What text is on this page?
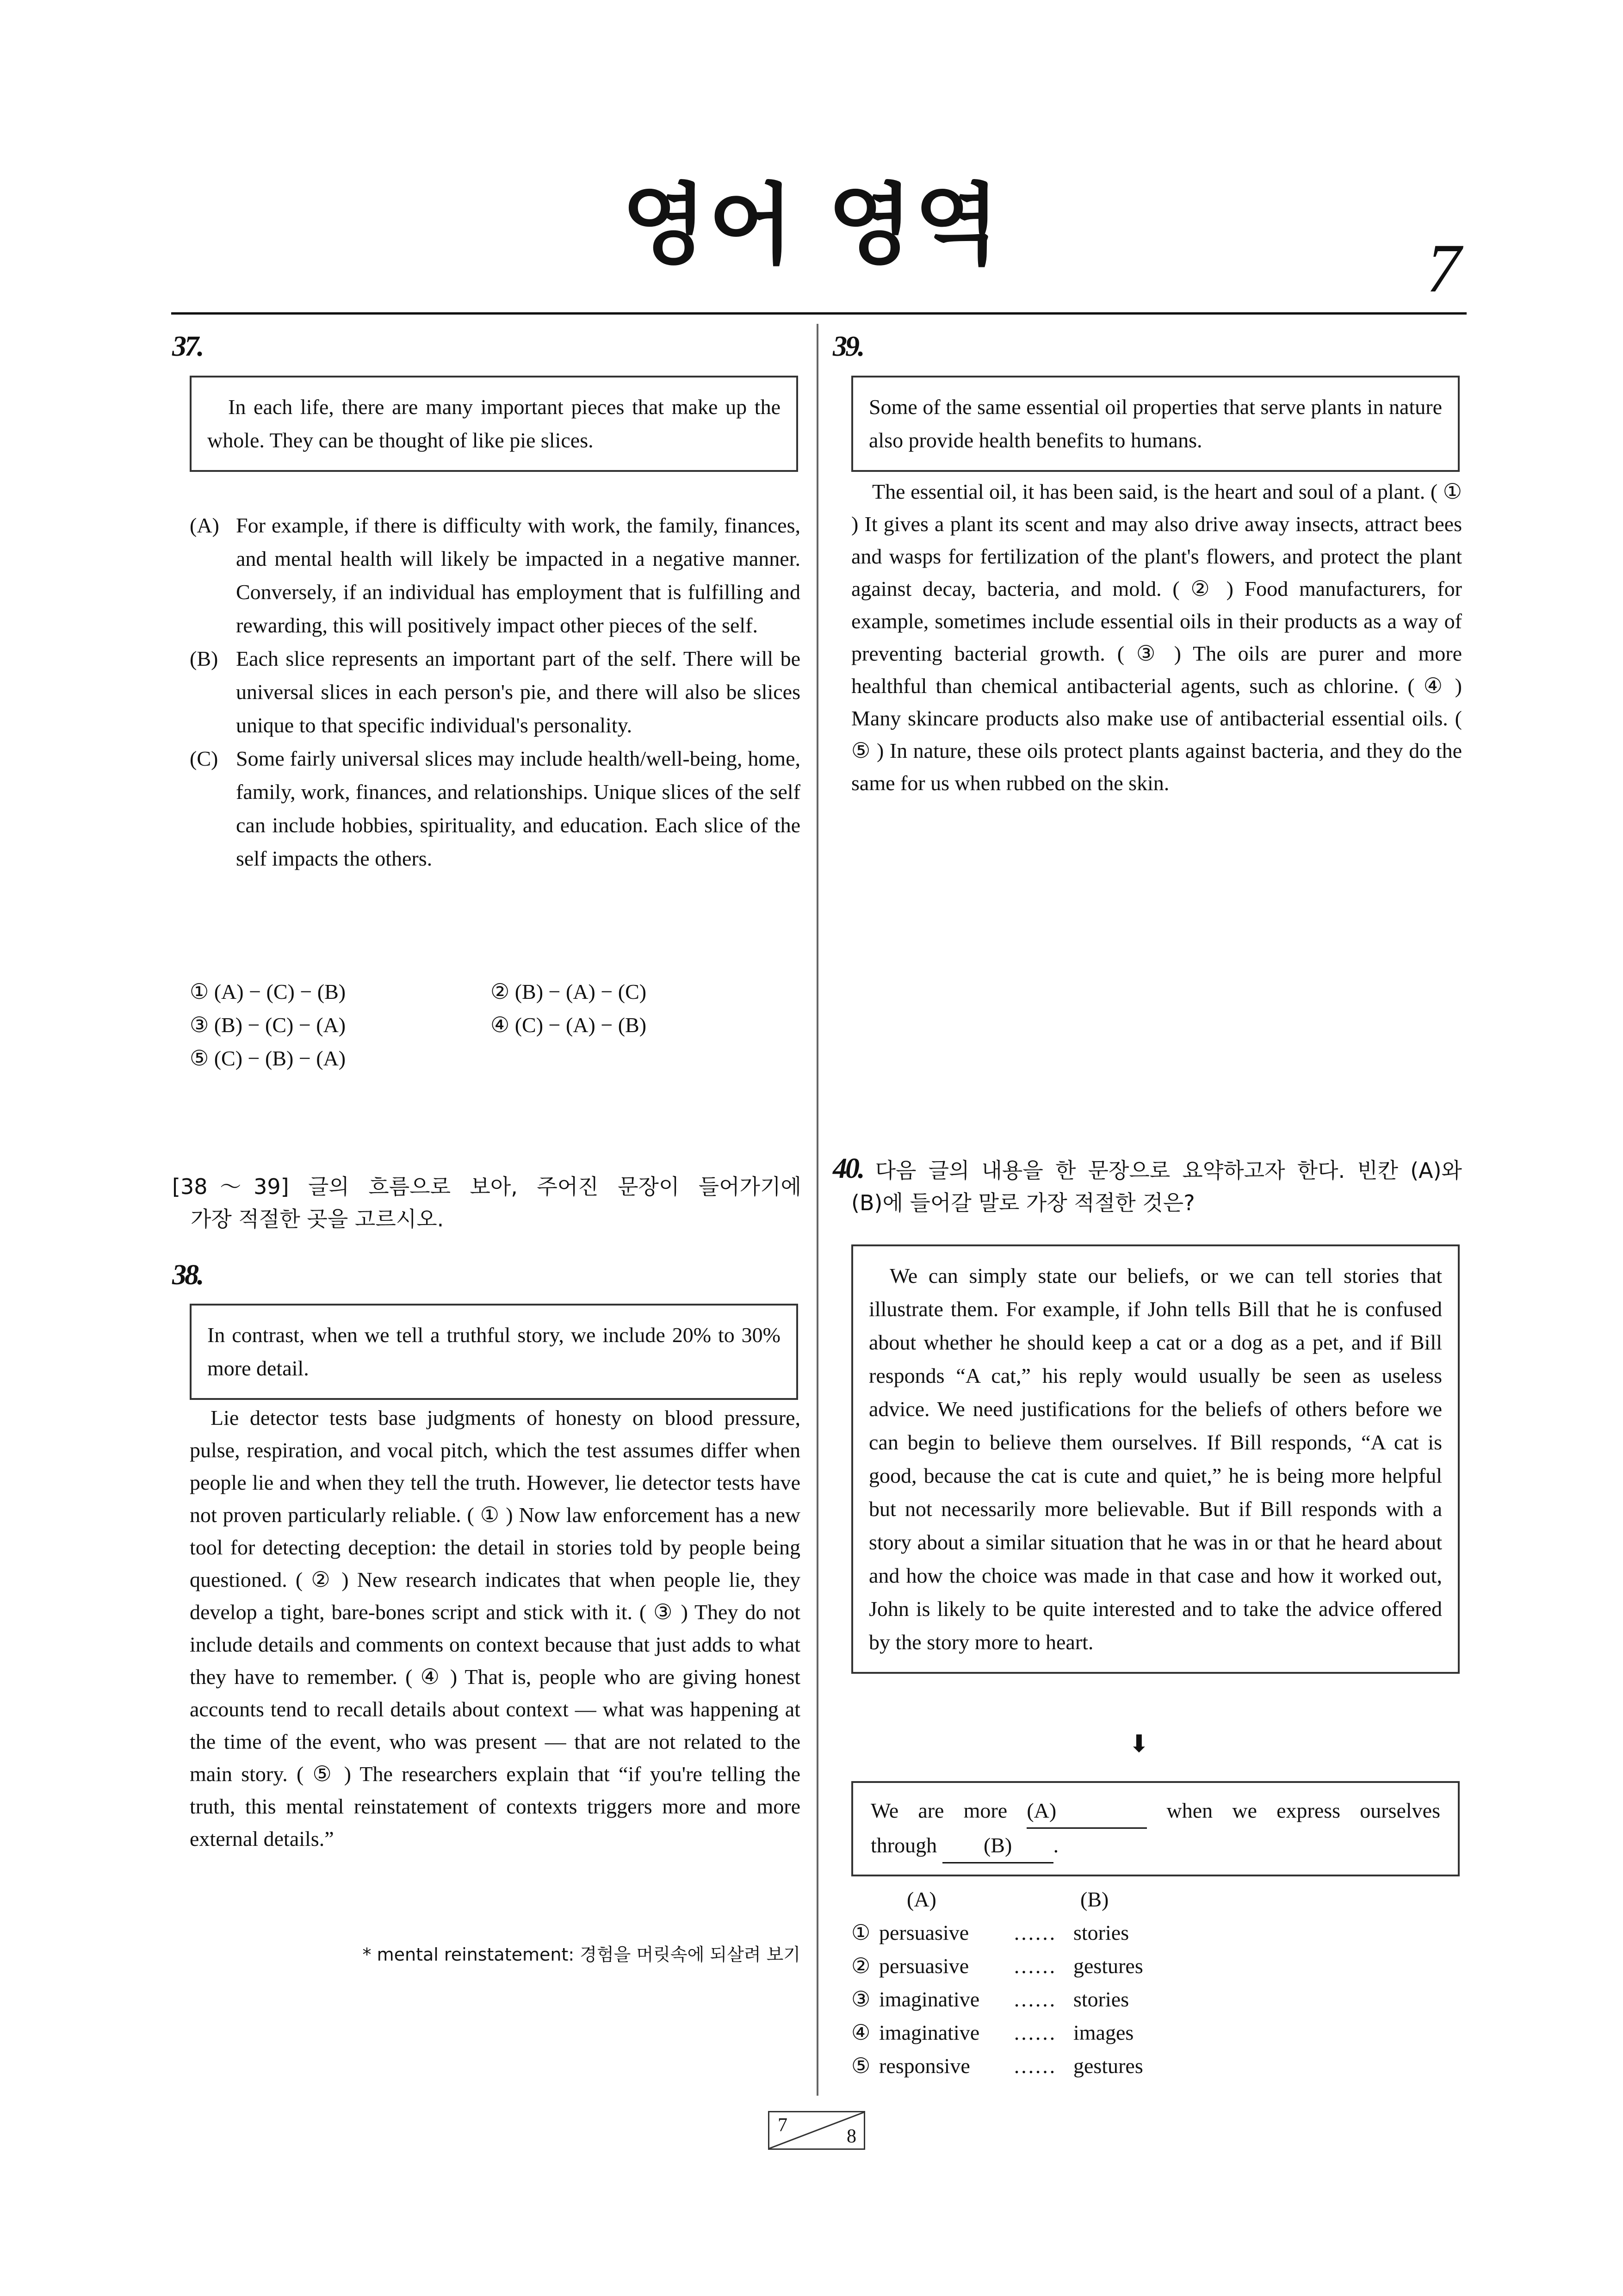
영어 영역	7
37.
In each life, there are many important pieces that make up the whole. They can be thought of like pie slices.
(A) For example, if there is difficulty with work, the family, finances, and mental health will likely be impacted in a negative manner. Conversely, if an individual has employment that is fulfilling and rewarding, this will positively impact other pieces of the self.
(B) Each slice represents an important part of the self. There will be universal slices in each person's pie, and there will also be slices unique to that specific individual's personality.
(C) Some fairly universal slices may include health/well-being, home, family, work, finances, and relationships. Unique slices of the self can include hobbies, spirituality, and education. Each slice of the self impacts the others.
① (A) − (C) − (B)	② (B) − (A) − (C)
③ (B) − (C) − (A)	④ (C) − (A) − (B)
⑤ (C) − (B) − (A)
[38～39] 글의 흐름으로 보아, 주어진 문장이 들어가기에
가장 적절한 곳을 고르시오.
38.
In contrast, when we tell a truthful story, we include 20% to 30% more detail.
Lie detector tests base judgments of honesty on blood pressure, pulse, respiration, and vocal pitch, which the test assumes differ when people lie and when they tell the truth. However, lie detector tests have not proven particularly reliable. ( ① ) Now law enforcement has a new tool for detecting deception: the detail in stories told by people being questioned. ( ② ) New research indicates that when people lie, they develop a tight, bare-bones script and stick with it. ( ③ ) They do not include details and comments on context because that just adds to what they have to remember. ( ④ ) That is, people who are giving honest accounts tend to recall details about context — what was happening at the time of the event, who was present — that are not related to the main story. ( ⑤ ) The researchers explain that “if you're telling the truth, this mental reinstatement of contexts triggers more and more external details.”
* mental reinstatement: 경험을 머릿속에 되살려 보기
39.
Some of the same essential oil properties that serve plants in nature also provide health benefits to humans.
The essential oil, it has been said, is the heart and soul of a plant. ( ① ) It gives a plant its scent and may also drive away insects, attract bees and wasps for fertilization of the plant's flowers, and protect the plant against decay, bacteria, and mold. ( ② ) Food manufacturers, for example, sometimes include essential oils in their products as a way of preventing bacterial growth. ( ③ ) The oils are purer and more healthful than chemical antibacterial agents, such as chlorine. ( ④ ) Many skincare products also make use of antibacterial essential oils. ( ⑤ ) In nature, these oils protect plants against bacteria, and they do the same for us when rubbed on the skin.
40. 다음 글의 내용을 한 문장으로 요약하고자 한다. 빈칸 (A)와
(B)에 들어갈 말로 가장 적절한 것은?
We can simply state our beliefs, or we can tell stories that illustrate them. For example, if John tells Bill that he is confused about whether he should keep a cat or a dog as a pet, and if Bill responds “A cat,” his reply would usually be seen as useless advice. We need justifications for the beliefs of others before we can begin to believe them ourselves. If Bill responds, “A cat is good, because the cat is cute and quiet,” he is being more helpful but not necessarily more believable. But if Bill responds with a story about a similar situation that he was in or that he heard about and how the choice was made in that case and how it worked out, John is likely to be quite interested and to take the advice offered by the story more to heart.
⬇
We are more (A)	when we express ourselves
through (B) .
(A)	(B)
① persuasive	…… stories
② persuasive	…… gestures
③ imaginative	…… stories
④ imaginative	…… images
⑤ responsive	…… gestures
7
8
